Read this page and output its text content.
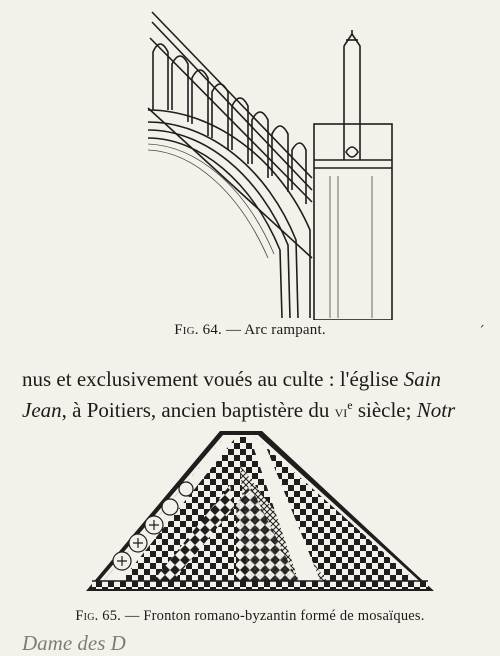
Fig. 64. — Arc rampant.
nus et exclusivement voués au culte : l'église Sain
Jean, à Poitiers, ancien baptistère du $vi^e$ siècle; Notr
Fig. 65. — Fronton romano-byzantin formé de mosaïques.
Dame des D
´
